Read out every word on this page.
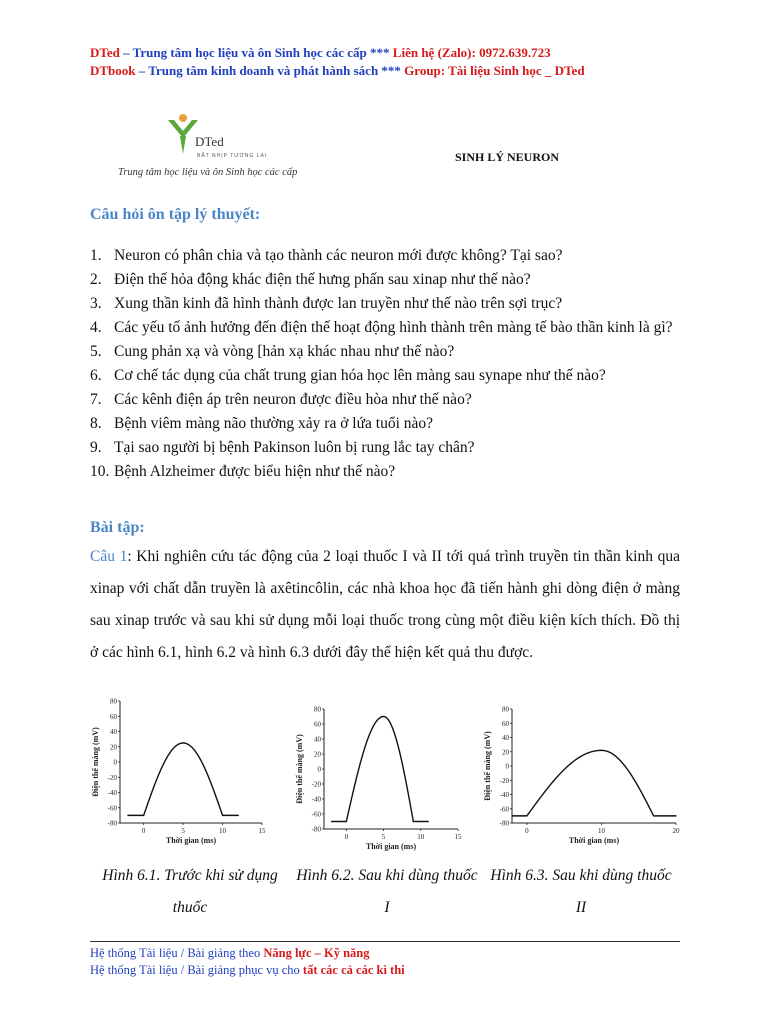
DTed – Trung tâm học liệu và ôn Sinh học các cấp *** Liên hệ (Zalo): 0972.639.723
DTbook – Trung tâm kinh doanh và phát hành sách *** Group: Tài liệu Sinh học _ DTed
DTed
BẮT NHỊP TƯƠNG LAI
Trung tâm học liệu và ôn Sinh học các cấp
SINH LÝ NEURON
Câu hỏi ôn tập lý thuyết:
1. Neuron có phân chia và tạo thành các neuron mới được không? Tại sao?
2. Điện thế hỏa động khác điện thế hưng phấn sau xinap như thế nào?
3. Xung thần kinh đã hình thành được lan truyền như thế nào trên sợi trục?
4. Các yếu tố ảnh hưởng đến điện thế hoạt động hình thành trên màng tế bào thần kinh là gì?
5. Cung phản xạ và vòng [hản xạ khác nhau như thế nào?
6. Cơ chế tác dụng của chất trung gian hóa học lên màng sau synape như thế nào?
7. Các kênh điện áp trên neuron được điều hòa như thế nào?
8. Bệnh viêm màng não thường xảy ra ở lứa tuổi nào?
9. Tại sao người bị bệnh Pakinson luôn bị rung lắc tay chân?
10. Bệnh Alzheimer được biểu hiện như thế nào?
Bài tập:

Câu 1: Khi nghiên cứu tác động của 2 loại thuốc I và II tới quá trình truyền tin thần kinh qua xinap với chất dẫn truyền là axêtincôlin, các nhà khoa học đã tiến hành ghi dòng điện ở màng sau xinap trước và sau khi sử dụng mỗi loại thuốc trong cùng một điều kiện kích thích. Đồ thị ở các hình 6.1, hình 6.2 và hình 6.3 dưới đây thể hiện kết quả thu được.

80
60
40
20
0
-20
-40
-60
-80
0	5	10	15
Thời gian (ms)
Điện thế màng (mV)
80
60
40
20
0
-20
-40
-60
-80
0	5	10	15
Thời gian (ms)
Điện thế màng (mV)
80
60
40
20
0
-20
-40
-60
-80
0	10	20
Thời gian (ms)
Điện thế màng (mV)
Hình 6.1. Trước khi sử dụng thuốc
Hình 6.2. Sau khi dùng thuốc I
Hình 6.3. Sau khi dùng thuốc II
Hệ thống Tài liệu / Bài giảng theo Năng lực – Kỹ năng
Hệ thống Tài liệu / Bài giảng phục vụ cho tất các cả các kì thi
